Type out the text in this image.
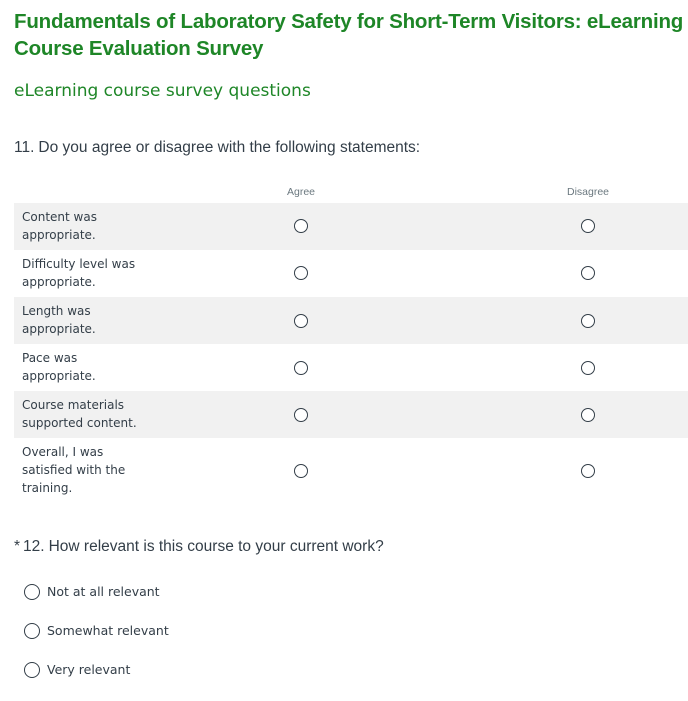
Fundamentals of Laboratory Safety for Short-Term Visitors: eLearning Course Evaluation Survey
eLearning course survey questions
11. Do you agree or disagree with the following statements:
Agree	Disagree
Content was appropriate.
Difficulty level was appropriate.
Length was appropriate.
Pace was appropriate.
Course materials supported content.
Overall, I was satisfied with the training.
* 12. How relevant is this course to your current work?
Not at all relevant
Somewhat relevant
Very relevant
